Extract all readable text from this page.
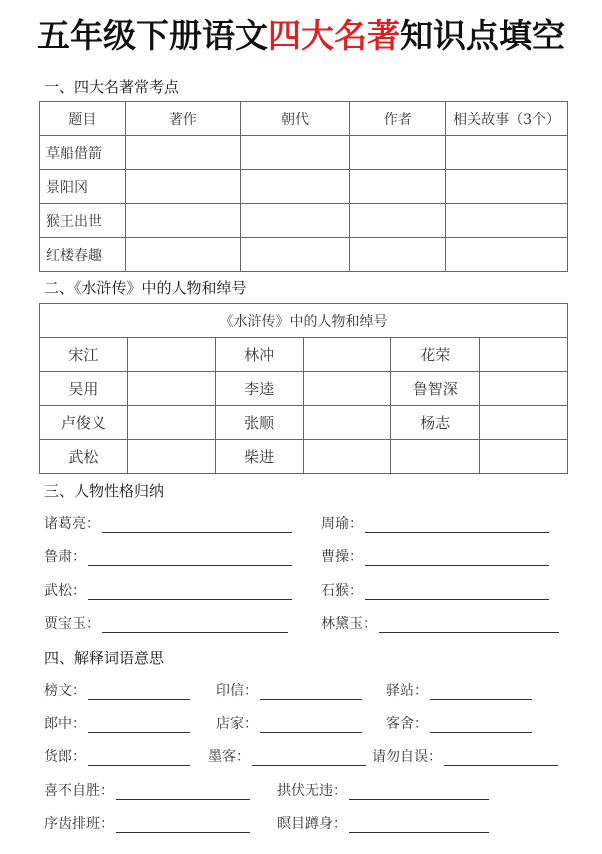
五年级下册语文四大名著知识点填空
一、四大名著常考点
题目	著作	朝代	作者	相关故事（3个）
草船借箭				
景阳冈				
猴王出世				
红楼春趣				
二、《水浒传》中的人物和绰号
《水浒传》中的人物和绰号					
宋江		林冲		花荣	
吴用		李逵		鲁智深	
卢俊义		张顺		杨志	
武松		柴进			
三、人物性格归纳
诸葛亮：	周瑜：
鲁肃：	曹操：
武松：	石猴：
贾宝玉：	林黛玉：
四、解释词语意思
榜文：	印信：	驿站：
郎中：	店家：	客舍：
货郎：	墨客：	请勿自误：
喜不自胜：	拱伏无违：
序齿排班：	瞑目蹲身：
